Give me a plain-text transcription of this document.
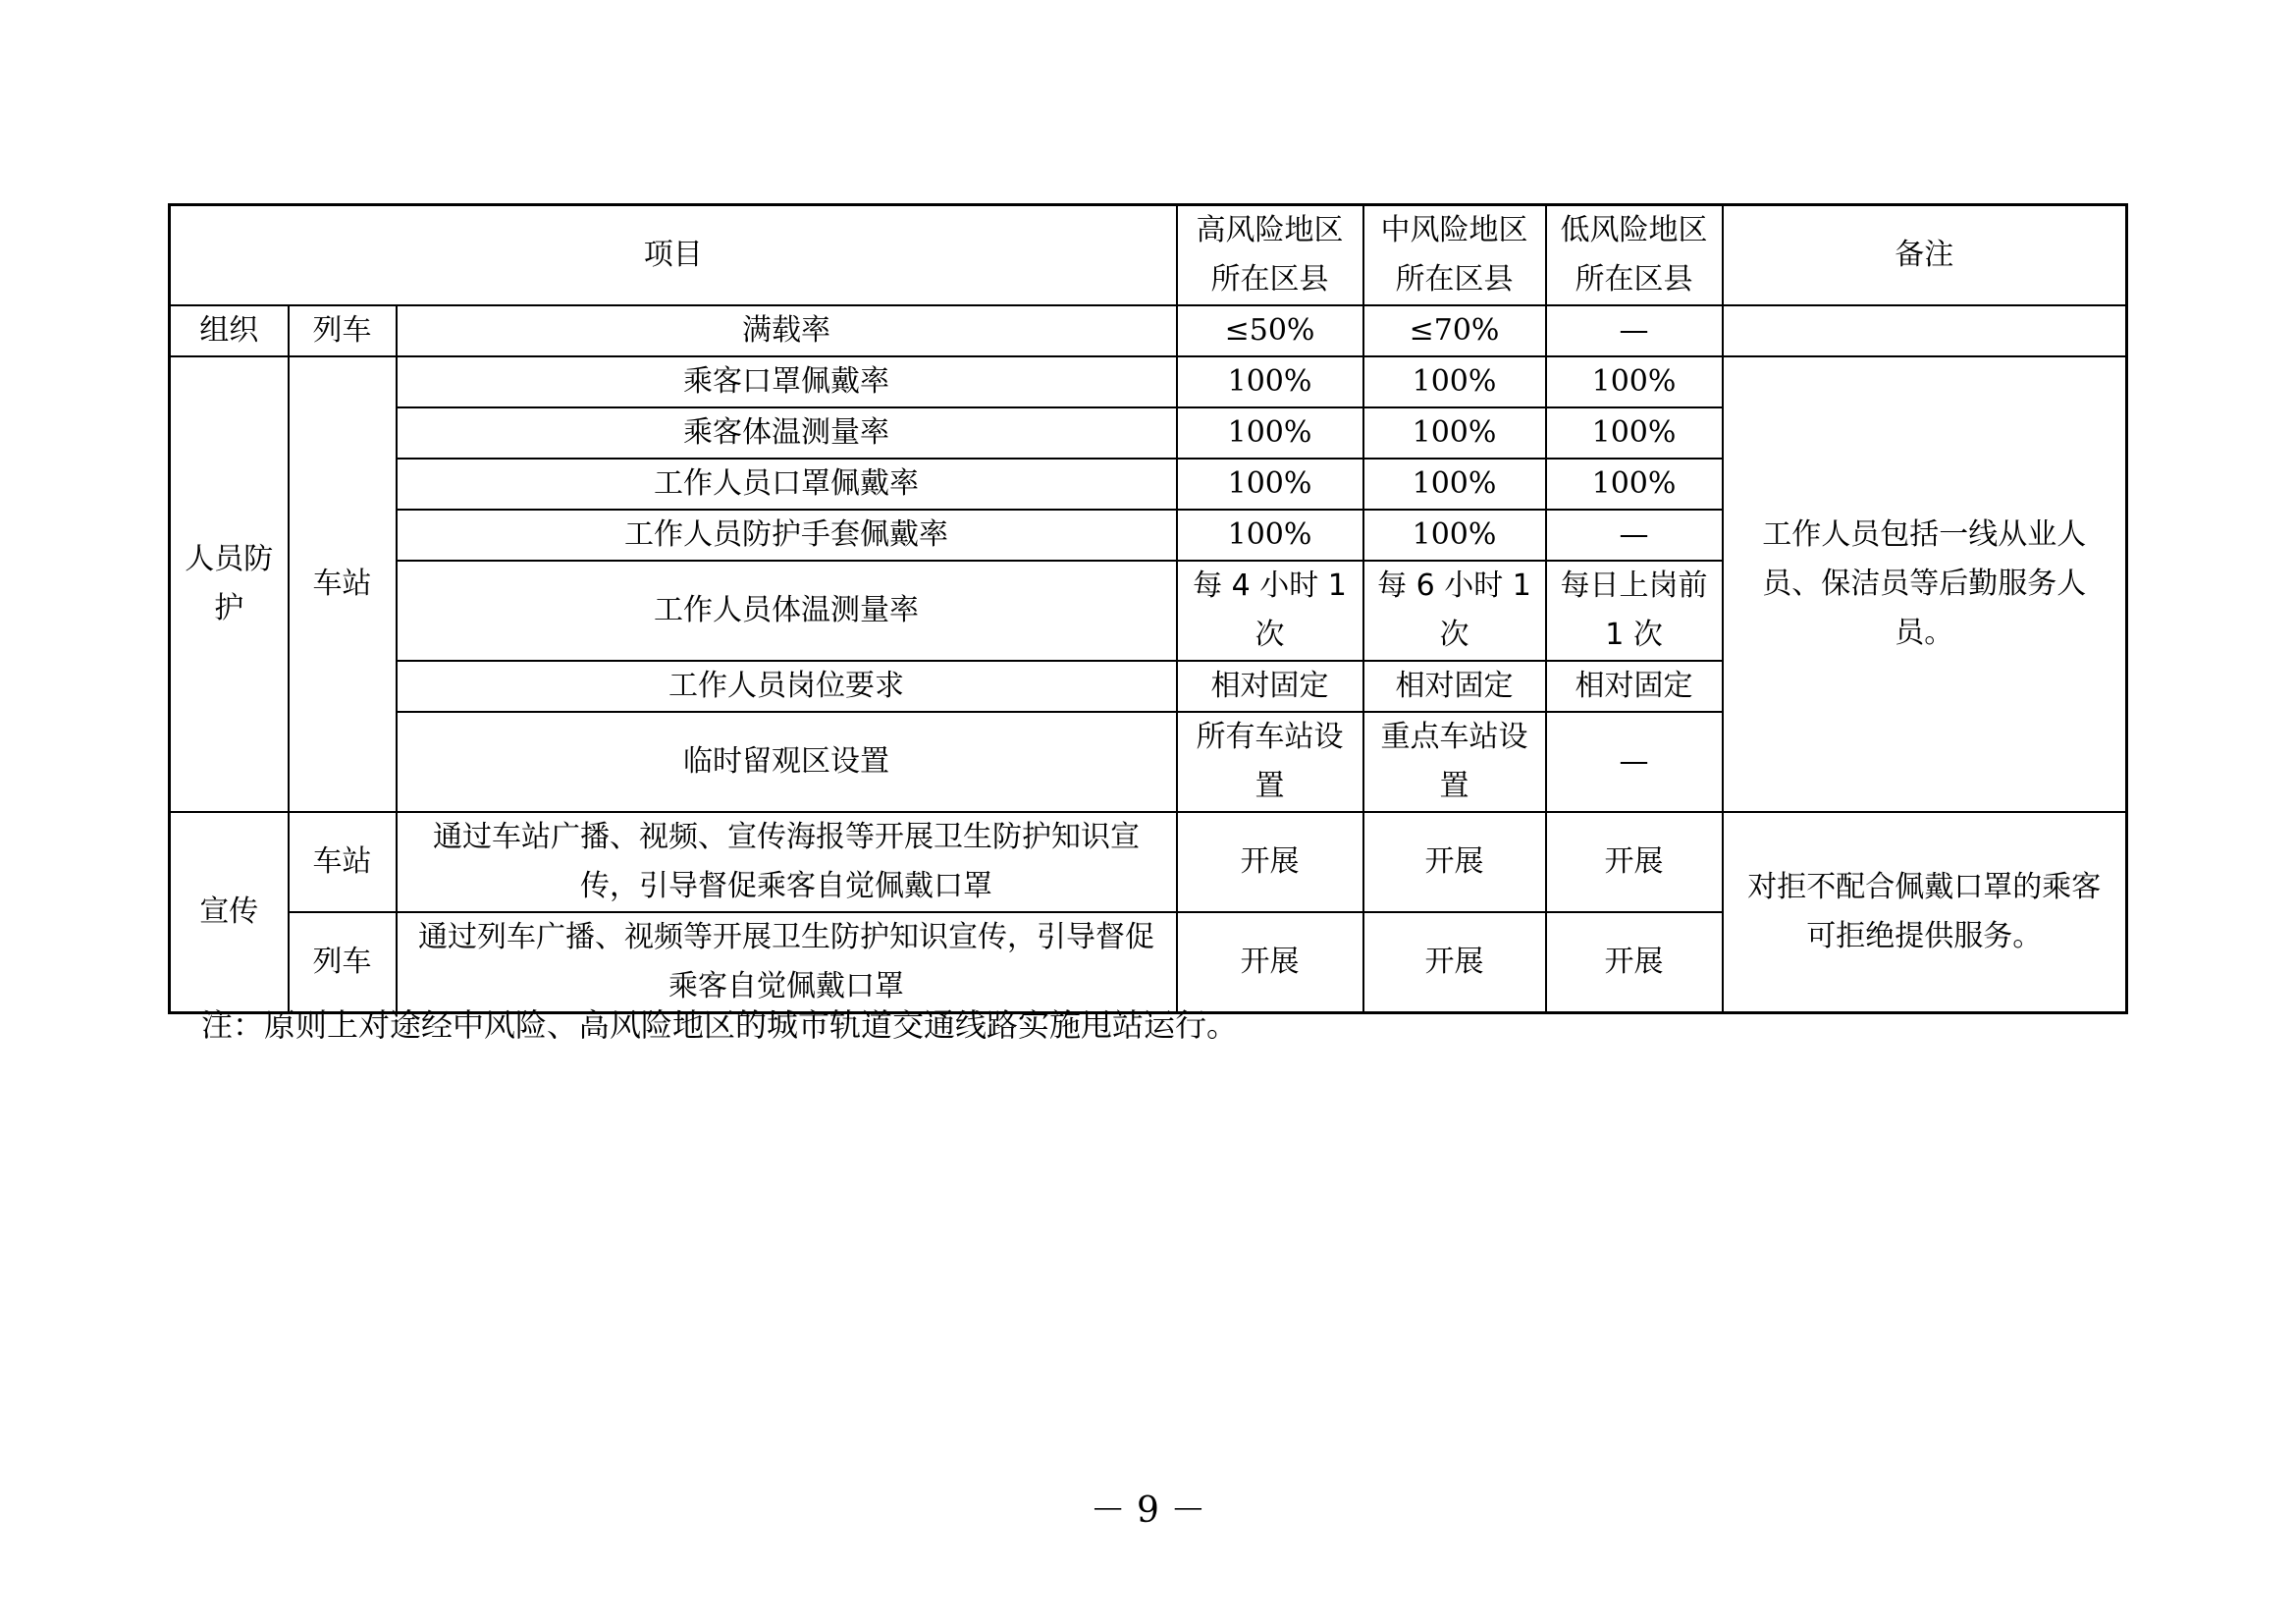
项目			高风险地区所在区县	中风险地区所在区县	低风险地区所在区县	备注
组织	列车	满载率	≤50%	≤70%	—	
人员防护	车站	乘客口罩佩戴率	100%	100%	100%	工作人员包括一线从业人员、保洁员等后勤服务人员。
		乘客体温测量率	100%	100%	100%	
		工作人员口罩佩戴率	100%	100%	100%	
		工作人员防护手套佩戴率	100%	100%	—	
		工作人员体温测量率	每 4 小时 1 次	每 6 小时 1 次	每日上岗前 1 次	
		工作人员岗位要求	相对固定	相对固定	相对固定	
		临时留观区设置	所有车站设置	重点车站设置	—	
宣传	车站	通过车站广播、视频、宣传海报等开展卫生防护知识宣传，引导督促乘客自觉佩戴口罩	开展	开展	开展	对拒不配合佩戴口罩的乘客可拒绝提供服务。
	列车	通过列车广播、视频等开展卫生防护知识宣传，引导督促乘客自觉佩戴口罩	开展	开展	开展	
注：原则上对途经中风险、高风险地区的城市轨道交通线路实施甩站运行。
－ 9 －
